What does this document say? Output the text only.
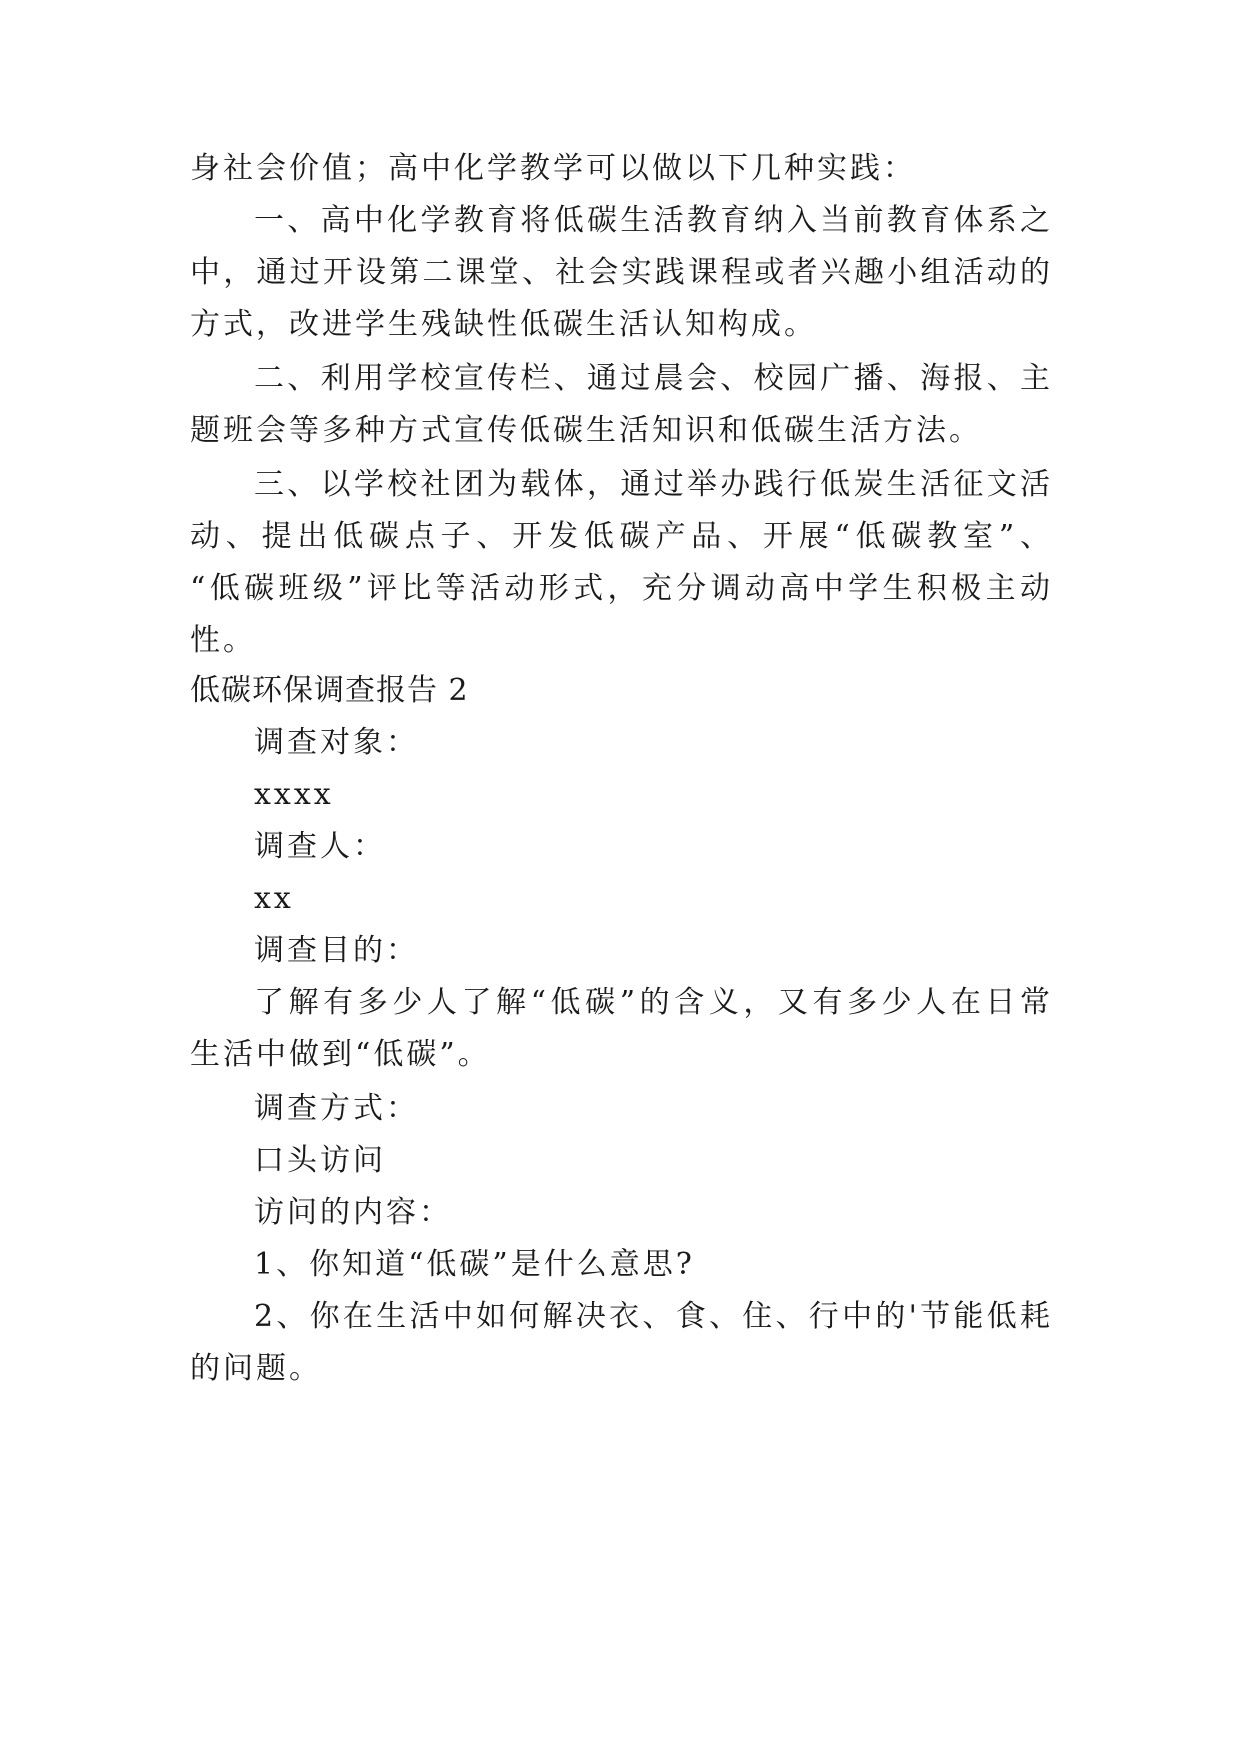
身社会价值；高中化学教学可以做以下几种实践：
一、高中化学教育将低碳生活教育纳入当前教育体系之
中，通过开设第二课堂、社会实践课程或者兴趣小组活动的
方式，改进学生残缺性低碳生活认知构成。
二、利用学校宣传栏、通过晨会、校园广播、海报、主
题班会等多种方式宣传低碳生活知识和低碳生活方法。
三、以学校社团为载体，通过举办践行低炭生活征文活
动、提出低碳点子、开发低碳产品、开展“低碳教室”、
“低碳班级”评比等活动形式，充分调动高中学生积极主动
性。
低碳环保调查报告 2
调查对象：
xxxx
调查人：
xx
调查目的：
了解有多少人了解“低碳”的含义，又有多少人在日常
生活中做到“低碳”。
调查方式：
口头访问
访问的内容：
1、你知道“低碳”是什么意思?
2、你在生活中如何解决衣、食、住、行中的'节能低耗
的问题。
